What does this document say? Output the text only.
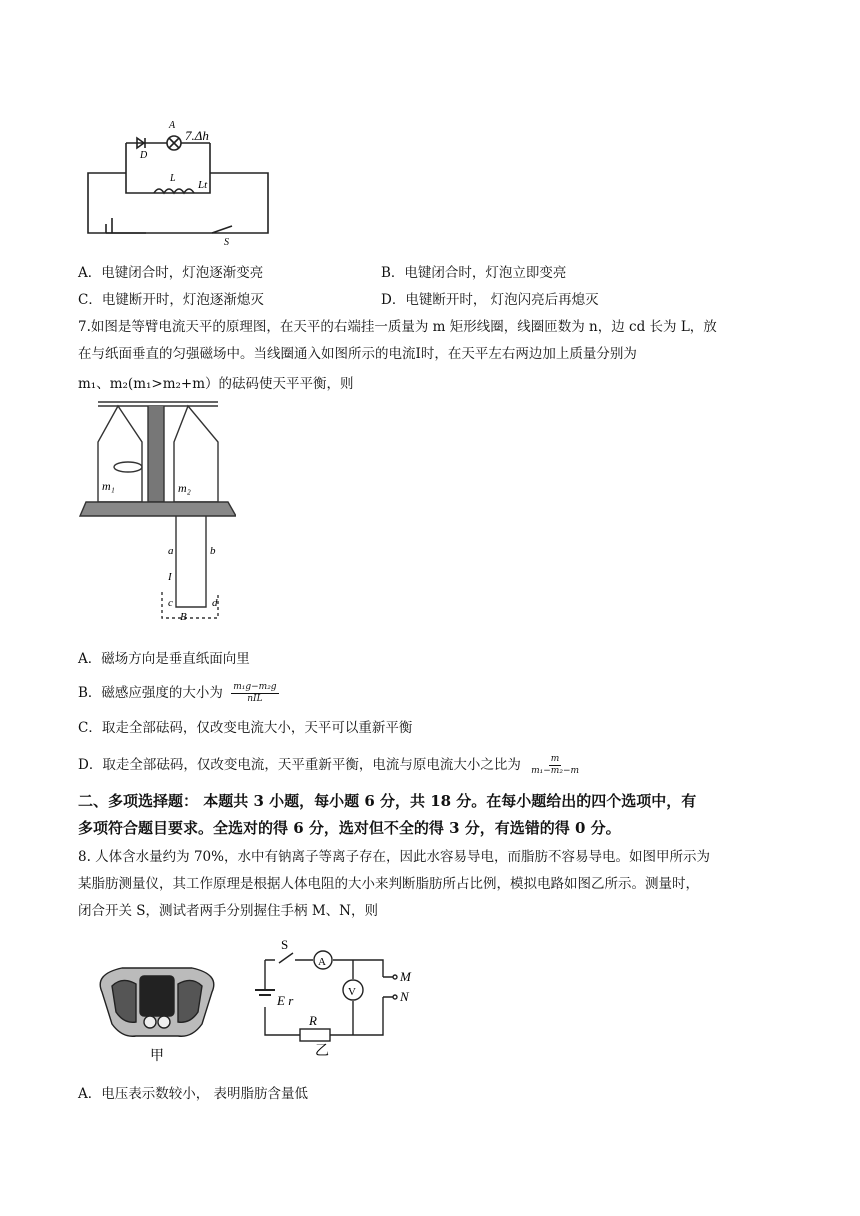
7.Δh
A
D
L
Lt
S
A．电键闭合时，灯泡逐渐变亮	B．电键闭合时，灯泡立即变亮
C．电键断开时，灯泡逐渐熄灭	D．电键断开时， 灯泡闪亮后再熄灭
7.如图是等臂电流天平的原理图，在天平的右端挂一质量为 m 矩形线圈，线圈匝数为 n，边 cd 长为 L，放
在与纸面垂直的匀强磁场中。当线圈通入如图所示的电流I时，在天平左右两边加上质量分别为
m₁、m₂(m₁>m₂+m）的砝码使天平平衡，则
m₁	m₂
a	b
I
c	d
B
A．磁场方向是垂直纸面向里
B．磁感应强度的大小为 $\frac{\text{m₁g−m₂g}}{\text{nIL}}$
C．取走全部砝码，仅改变电流大小，天平可以重新平衡
D．取走全部砝码，仅改变电流，天平重新平衡，电流与原电流大小之比为 $\frac{m}{\text{m₁−m₂−m}}$
二、多项选择题： 本题共 3 小题，每小题 6 分，共 18 分。在每小题给出的四个选项中，有
多项符合题目要求。全选对的得 6 分，选对但不全的得 3 分，有选错的得 0 分。
8. 人体含水量约为 70%，水中有钠离子等离子存在，因此水容易导电，而脂肪不容易导电。如图甲所示为
某脂肪测量仪，其工作原理是根据人体电阻的大小来判断脂肪所占比例，模拟电路如图乙所示。测量时，
闭合开关 S，测试者两手分别握住手柄 M、N，则
甲
S
A
V
E r
R
M
N
乙
A．电压表示数较小， 表明脂肪含量低
